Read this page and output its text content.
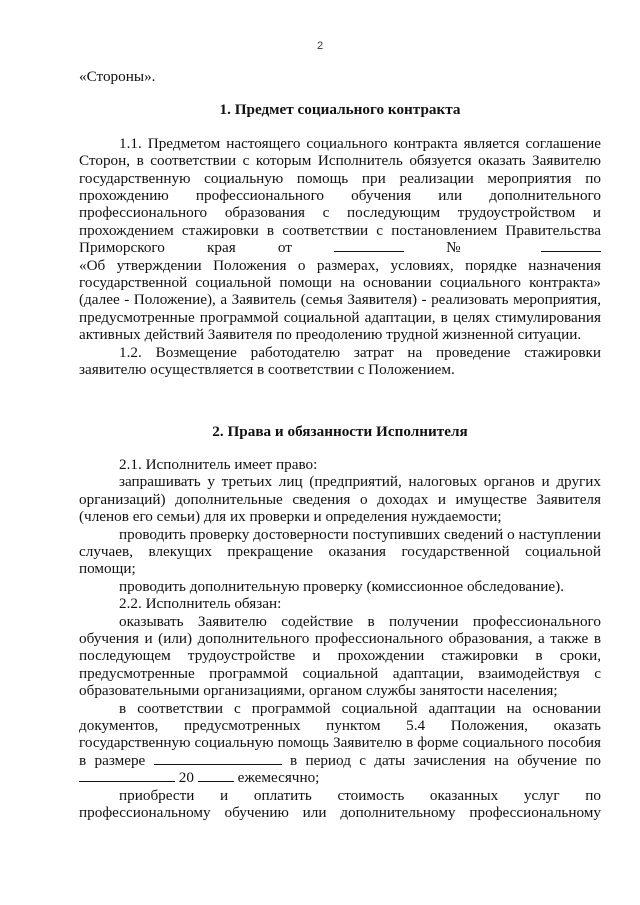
2

«Стороны».

1. Предмет социального контракта

1.1. Предметом настоящего социального контракта является соглашение

Сторон, в соответствии с которым Исполнитель обязуется оказать Заявителю

государственную социальную помощь при реализации мероприятия по

прохождению профессионального обучения или дополнительного

профессионального образования с последующим трудоустройством и

прохождением стажировки в соответствии с постановлением Правительства

Приморского	края	от	№

«Об утверждении Положения о размерах, условиях, порядке назначения

государственной социальной помощи на основании социального контракта»

(далее - Положение), а Заявитель (семья Заявителя) - реализовать мероприятия,

предусмотренные программой социальной адаптации, в целях стимулирования

активных действий Заявителя по преодолению трудной жизненной ситуации.

1.2. Возмещение работодателю затрат на проведение стажировки

заявителю осуществляется в соответствии с Положением.

2. Права и обязанности Исполнителя

2.1. Исполнитель имеет право:

запрашивать у третьих лиц (предприятий, налоговых органов и других

организаций) дополнительные сведения о доходах и имуществе Заявителя

(членов его семьи) для их проверки и определения нуждаемости;

проводить проверку достоверности поступивших сведений о наступлении

случаев, влекущих прекращение оказания государственной социальной

помощи;

проводить дополнительную проверку (комиссионное обследование).

2.2. Исполнитель обязан:

оказывать Заявителю содействие в получении профессионального

обучения и (или) дополнительного профессионального образования, а также в

последующем трудоустройстве и прохождении стажировки в сроки,

предусмотренные программой социальной адаптации, взаимодействуя с

образовательными организациями, органом службы занятости населения;

в соответствии с программой социальной адаптации на основании

документов, предусмотренных пунктом 5.4 Положения, оказать

государственную социальную помощь Заявителю в форме социального пособия

в размере	в период с даты зачисления на обучение по

20	ежемесячно;

приобрести и оплатить стоимость оказанных услуг по

профессиональному обучению или дополнительному профессиональному
